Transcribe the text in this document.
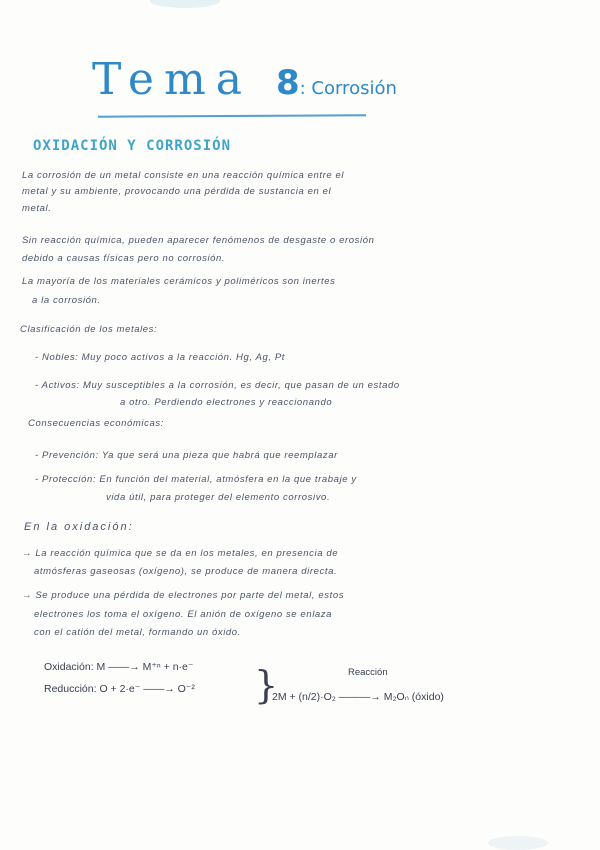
Tema 8: Corrosión
OXIDACIÓN Y CORROSIÓN
La corrosión de un metal consiste en una reacción química entre el
metal y su ambiente, provocando una pérdida de sustancia en el
metal.
Sin reacción química, pueden aparecer fenómenos de desgaste o erosión
debido a causas físicas pero no corrosión.
La mayoría de los materiales cerámicos y poliméricos son inertes
a la corrosión.
Clasificación de los metales:
- Nobles: Muy poco activos a la reacción. Hg, Ag, Pt
- Activos: Muy susceptibles a la corrosión, es decir, que pasan de un estado
a otro. Perdiendo electrones y reaccionando
Consecuencias económicas:
- Prevención: Ya que será una pieza que habrá que reemplazar
- Protección: En función del material, atmósfera en la que trabaje y
vida útil, para proteger del elemento corrosivo.
En la oxidación:
→ La reacción química que se da en los metales, en presencia de
atmósferas gaseosas (oxígeno), se produce de manera directa.
→ Se produce una pérdida de electrones por parte del metal, estos
electrones los toma el oxígeno. El anión de oxígeno se enlaza
con el catión del metal, formando un óxido.
Oxidación: M ——→ M⁺ⁿ + n·e⁻
Reducción: O + 2·e⁻ ——→ O⁻² }	Reacción
2M + (n/2)·O₂ ———→ M₂Oₙ (óxido)
